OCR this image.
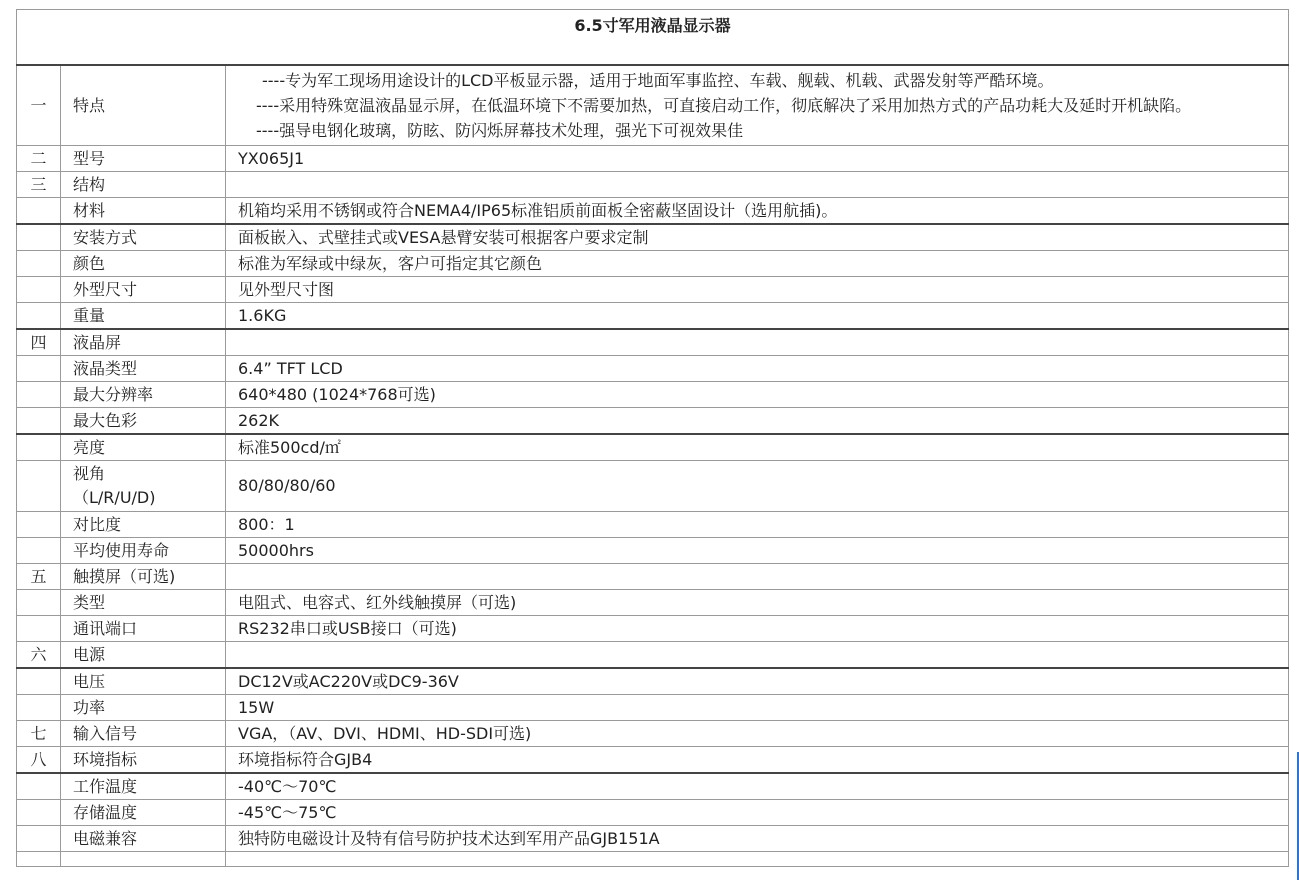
6.5寸军用液晶显示器		
一	特点	----专为军工现场用途设计的LCD平板显示器，适用于地面军事监控、车载、舰载、机载、武器发射等严酷环境。
----采用特殊宽温液晶显示屏，在低温环境下不需要加热，可直接启动工作，彻底解决了采用加热方式的产品功耗大及延时开机缺陷。
----强导电钢化玻璃，防眩、防闪烁屏幕技术处理，强光下可视效果佳

二	型号	YX065J1
三	结构	
	材料	机箱均采用不锈钢或符合NEMA4/IP65标准铝质前面板全密蔽坚固设计（选用航插)。
	安装方式	面板嵌入、式壁挂式或VESA悬臂安装可根据客户要求定制
	颜色	标准为军绿或中绿灰，客户可指定其它颜色
	外型尺寸	见外型尺寸图
	重量	1.6KG
四	液晶屏	
	液晶类型	6.4” TFT LCD
	最大分辨率	640*480 (1024*768可选)
	最大色彩	262K
	亮度	标准500cd/㎡
	视角
（L/R/U/D)	80/80/80/60
	对比度	800：1
	平均使用寿命	50000hrs
五	触摸屏（可选)	
	类型	电阻式、电容式、红外线触摸屏（可选)
	通讯端口	RS232串口或USB接口（可选)
六	电源	
	电压	DC12V或AC220V或DC9-36V
	功率	15W
七	输入信号	VGA，（AV、DVI、HDMI、HD-SDI可选)
八	环境指标	环境指标符合GJB4
	工作温度	-40℃～70℃
	存储温度	-45℃～75℃
	电磁兼容	独特防电磁设计及特有信号防护技术达到军用产品GJB151A
